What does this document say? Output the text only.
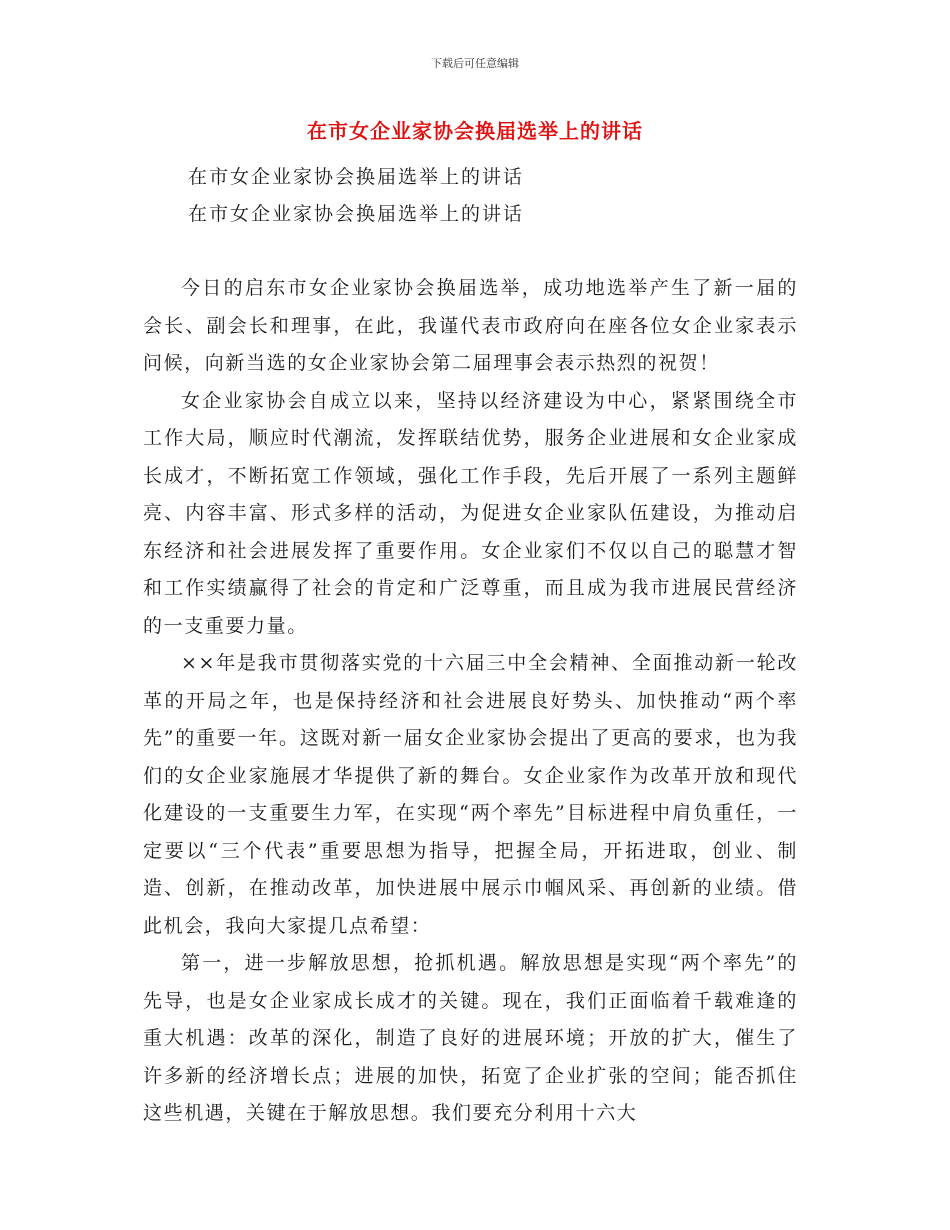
下载后可任意编辑
在市女企业家协会换届选举上的讲话
在市女企业家协会换届选举上的讲话
在市女企业家协会换届选举上的讲话

今日的启东市女企业家协会换届选举，成功地选举产生了新一届的会长、副会长和理事，在此，我谨代表市政府向在座各位女企业家表示问候，向新当选的女企业家协会第二届理事会表示热烈的祝贺！

女企业家协会自成立以来，坚持以经济建设为中心，紧紧围绕全市工作大局，顺应时代潮流，发挥联结优势，服务企业进展和女企业家成长成才，不断拓宽工作领域，强化工作手段，先后开展了一系列主题鲜亮、内容丰富、形式多样的活动，为促进女企业家队伍建设，为推动启东经济和社会进展发挥了重要作用。女企业家们不仅以自己的聪慧才智和工作实绩赢得了社会的肯定和广泛尊重，而且成为我市进展民营经济的一支重要力量。

××年是我市贯彻落实党的十六届三中全会精神、全面推动新一轮改革的开局之年，也是保持经济和社会进展良好势头、加快推动“两个率先”的重要一年。这既对新一届女企业家协会提出了更高的要求，也为我们的女企业家施展才华提供了新的舞台。女企业家作为改革开放和现代化建设的一支重要生力军，在实现“两个率先”目标进程中肩负重任，一定要以“三个代表”重要思想为指导，把握全局，开拓进取，创业、制造、创新，在推动改革，加快进展中展示巾帼风采、再创新的业绩。借此机会，我向大家提几点希望：

第一，进一步解放思想，抢抓机遇。解放思想是实现“两个率先”的先导，也是女企业家成长成才的关键。现在，我们正面临着千载难逢的重大机遇：改革的深化，制造了良好的进展环境；开放的扩大，催生了许多新的经济增长点；进展的加快，拓宽了企业扩张的空间；能否抓住这些机遇，关键在于解放思想。我们要充分利用十六大
